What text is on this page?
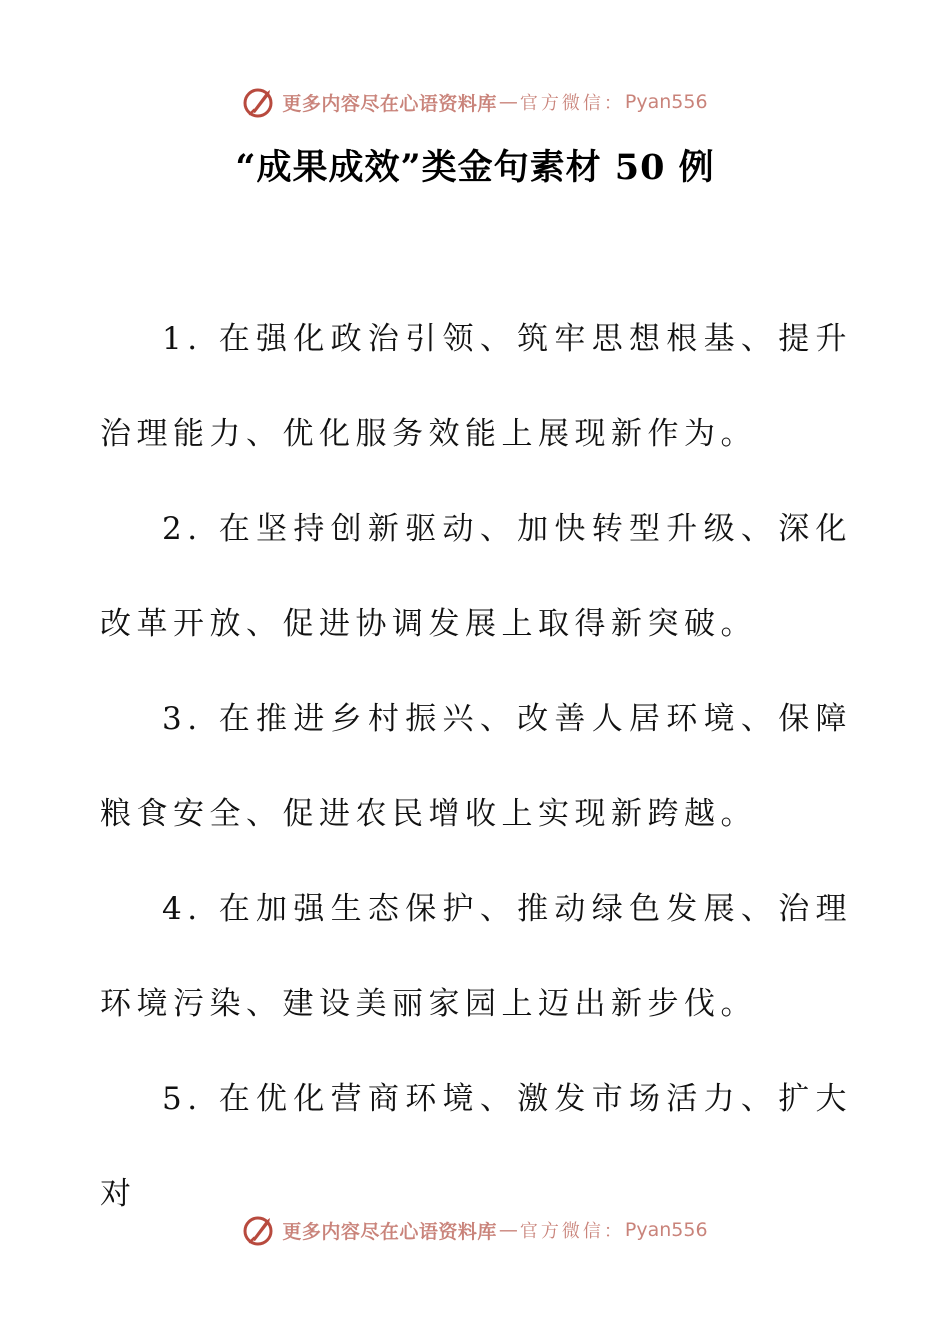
更多内容尽在心语资料库 — 官方微信： Pyan556
“成果成效”类金句素材 50 例

1. 在强化政治引领、筑牢思想根基、提升治理能力、优化服务效能上展现新作为。

2. 在坚持创新驱动、加快转型升级、深化改革开放、促进协调发展上取得新突破。

3. 在推进乡村振兴、改善人居环境、保障粮食安全、促进农民增收上实现新跨越。

4. 在加强生态保护、推动绿色发展、治理环境污染、建设美丽家园上迈出新步伐。

5. 在优化营商环境、激发市场活力、扩大对

更多内容尽在心语资料库 — 官方微信： Pyan556
